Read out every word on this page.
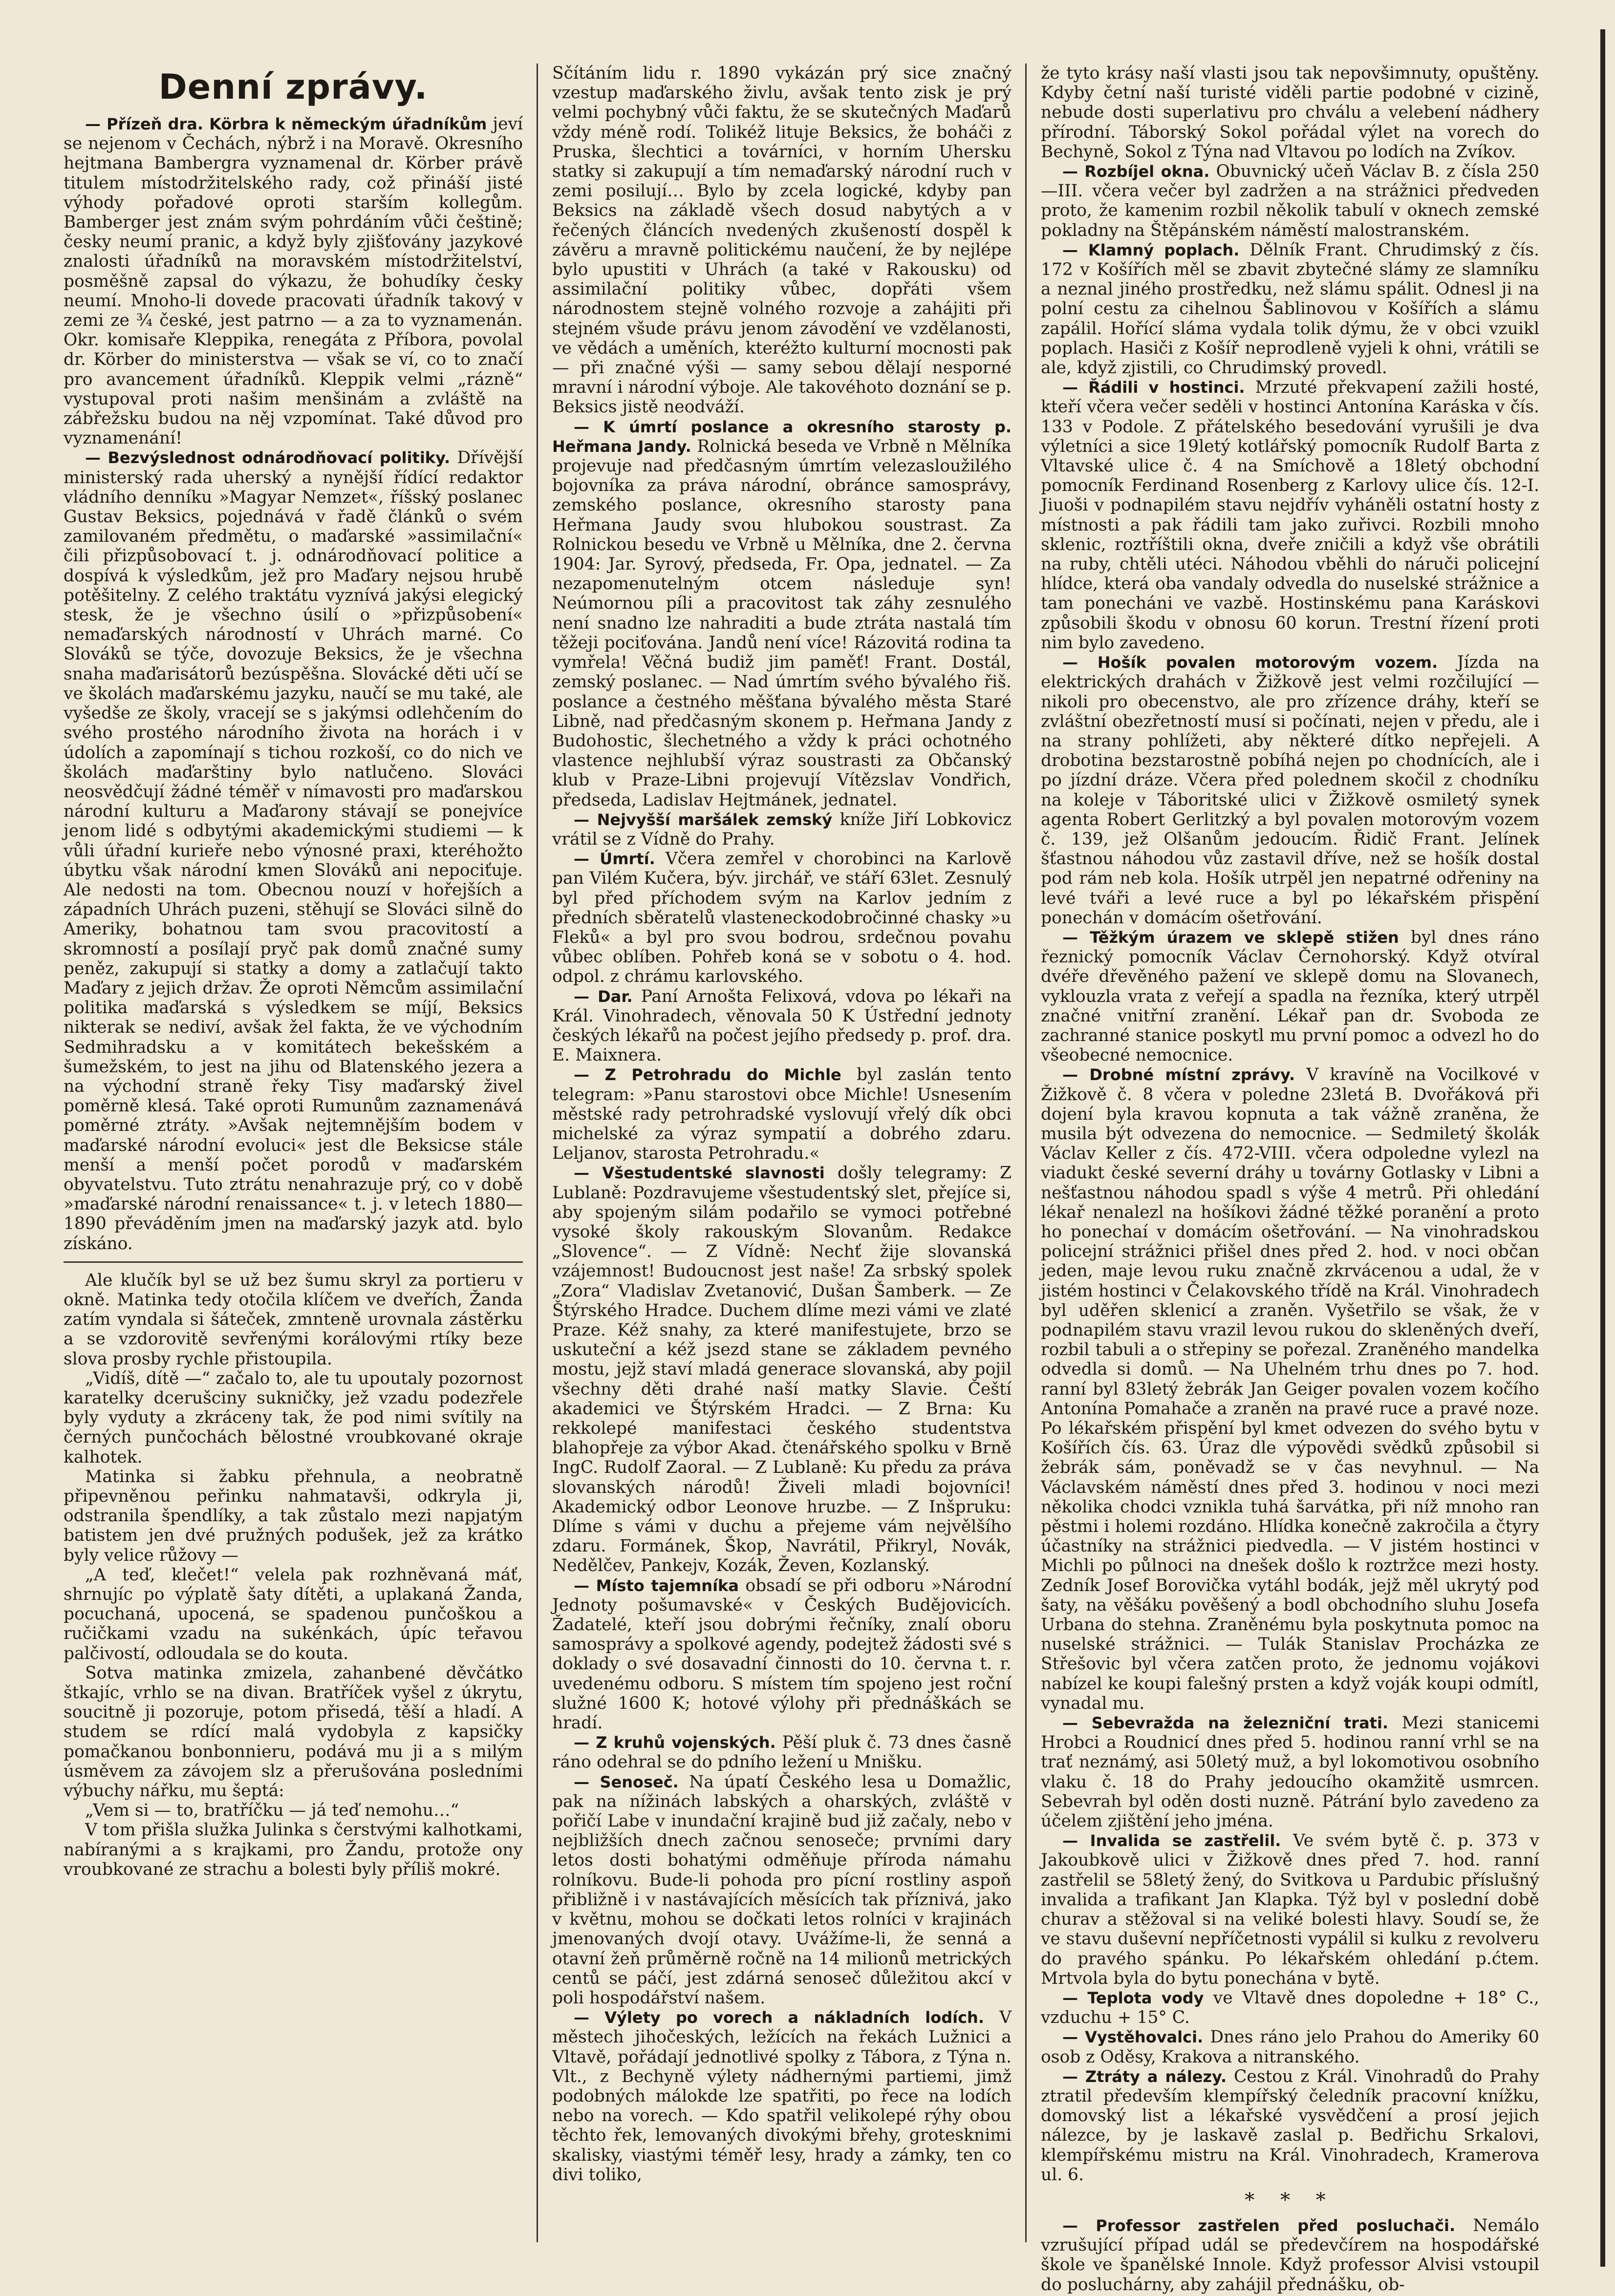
Denní zprávy.

— Přízeň dra. Körbra k německým úřadníkům jeví se nejenom v Čechách, nýbrž i na Moravě. Okresního hejtmana Bambergra vyznamenal dr. Körber právě titulem místodržitelského rady, což přináší jisté výhody pořadové oproti starším kollegům. Bamberger jest znám svým pohrdáním vůči češtině; česky neumí pranic, a když byly zjišťovány jazykové znalosti úřadníků na moravském místodržitelství, posměšně zapsal do výkazu, že bohudíky česky neumí. Mnoho-li dovede pracovati úřadník takový v zemi ze ¾ české, jest patrno — a za to vyznamenán. Okr. komisaře Kleppika, renegáta z Příbora, povolal dr. Körber do ministerstva — však se ví, co to značí pro avancement úřadníků. Kleppik velmi „rázně“ vystupoval proti našim menšinám a zvláště na zábřežsku budou na něj vzpomínat. Také důvod pro vyznamenání!

— Bezvýslednost odnárodňovací politiky. Dřívější ministerský rada uherský a nynější řídící redaktor vládního denníku »Magyar Nemzet«, říšský poslanec Gustav Beksics, pojednává v řadě článků o svém zamilovaném předmětu, o maďarské »assimilační« čili přizpůsobovací t. j. odnárodňovací politice a dospívá k výsledkům, jež pro Maďary nejsou hrubě potěšitelny. Z celého traktátu vyznívá jakýsi elegický stesk, že je všechno úsilí o »přizpůsobení« nemaďarských národností v Uhrách marné. Co Slováků se týče, dovozuje Beksics, že je všechna snaha maďarisátorů bezúspěšna. Slovácké děti učí se ve školách maďarskému jazyku, naučí se mu také, ale vyšedše ze školy, vracejí se s jakýmsi odlehčením do svého prostého národního života na horách i v údolích a zapomínají s tichou rozkoší, co do nich ve školách maďarštiny bylo natlučeno. Slováci neosvědčují žádné téměř v nímavosti pro maďarskou národní kulturu a Maďarony stávají se ponejvíce jenom lidé s odbytými akademickými studiemi — k vůli úřadní kurieře nebo výnosné praxi, kteréhožto úbytku však národní kmen Slováků ani nepociťuje. Ale nedosti na tom. Obecnou nouzí v hořejších a západních Uhrách puzeni, stěhují se Slováci silně do Ameriky, bohatnou tam svou pracovitostí a skromností a posílají pryč pak domů značné sumy peněz, zakupují si statky a domy a zatlačují takto Maďary z jejich držav. Že oproti Němcům assimilační politika maďarská s výsledkem se míjí, Beksics nikterak se nediví, avšak žel fakta, že ve východním Sedmihradsku a v komitátech bekešském a šumežském, to jest na jihu od Blatenského jezera a na východní straně řeky Tisy maďarský živel poměrně klesá. Také oproti Rumunům zaznamenává poměrné ztráty. »Avšak nejtemnějším bodem v maďarské národní evoluci« jest dle Beksicse stále menší a menší počet porodů v maďarském obyvatelstvu. Tuto ztrátu nenahrazuje prý, co v době »maďarské národní renaissance« t. j. v letech 1880—1890 převáděním jmen na maďarský jazyk atd. bylo získáno.

Ale klučík byl se už bez šumu skryl za portieru v okně. Matinka tedy otočila klíčem ve dveřích, Žanda zatím vyndala si šáteček, zmnteně urovnala zástěrku a se vzdorovitě sevřenými korálovými rtíky beze slova prosby rychle přistoupila.

„Vidíš, dítě —“ začalo to, ale tu upoutaly pozornost karatelky dcerušciny sukničky, jež vzadu podezřele byly vyduty a zkráceny tak, že pod nimi svítily na černých punčochách bělostné vroubkované okraje kalhotek.

Matinka si žabku přehnula, a neobratně připevněnou peřinku nahmatavši, odkryla ji, odstranila špendlíky, a tak zůstalo mezi napjatým batistem jen dvé pružných podušek, jež za krátko byly velice růžovy —

„A teď, klečet!“ velela pak rozhněvaná máť, shrnujíc po výplatě šaty dítěti, a uplakaná Žanda, pocuchaná, upocená, se spadenou punčoškou a ručičkami vzadu na sukénkách, úpíc teřavou palčivostí, odloudala se do kouta.

Sotva matinka zmizela, zahanbené děvčátko štkajíc, vrhlo se na divan. Bratříček vyšel z úkrytu, soucitně ji pozoruje, potom přisedá, těší a hladí. A studem se rdící malá vydobyla z kapsičky pomačkanou bonbonnieru, podává mu ji a s milým úsměvem za závojem slz a přerušována posledními výbuchy nářku, mu šeptá:

„Vem si — to, bratříčku — já teď nemohu…“

V tom přišla služka Julinka s čerstvými kalhotkami, nabíranými a s krajkami, pro Žandu, protože ony vroubkované ze strachu a bolesti byly příliš mokré.

Sčítáním lidu r. 1890 vykázán prý sice značný vzestup maďarského živlu, avšak tento zisk je prý velmi pochybný vůči faktu, že se skutečných Maďarů vždy méně rodí. Tolikéž lituje Beksics, že boháči z Pruska, šlechtici a továrníci, v horním Uhersku statky si zakupují a tím nemaďarský národní ruch v zemi posilují… Bylo by zcela logické, kdyby pan Beksics na základě všech dosud nabytých a v řečených článcích nvedených zkušeností dospěl k závěru a mravně politickému naučení, že by nejlépe bylo upustiti v Uhrách (a také v Rakousku) od assimilační politiky vůbec, dopřáti všem národnostem stejně volného rozvoje a zahájiti při stejném všude právu jenom závodění ve vzdělanosti, ve vědách a uměních, kteréžto kulturní mocnosti pak — při značné výši — samy sebou dělají nesporné mravní i národní výboje. Ale takovéhoto doznání se p. Beksics jistě neodváží.

— K úmrtí poslance a okresního starosty p. Heřmana Jandy. Rolnická beseda ve Vrbně n Mělníka projevuje nad předčasným úmrtím velezasloužilého bojovníka za práva národní, obránce samosprávy, zemského poslance, okresního starosty pana Heřmana Jaudy svou hlubokou soustrast. Za Rolnickou besedu ve Vrbně u Mělníka, dne 2. června 1904: Jar. Syrový, předseda, Fr. Opa, jednatel. — Za nezapomenutelným otcem následuje syn! Neúmornou píli a pracovitost tak záhy zesnulého není snadno lze nahraditi a bude ztráta nastalá tím těžeji pociťována. Jandů není více! Rázovitá rodina ta vymřela! Věčná budiž jim paměť! Frant. Dostál, zemský poslanec. — Nad úmrtím svého bývalého řiš. poslance a čestného měšťana bývalého města Staré Libně, nad předčasným skonem p. Heřmana Jandy z Budohostic, šlechetného a vždy k práci ochotného vlastence nejhlubší výraz soustrasti za Občanský klub v Praze-Libni projevují Vítězslav Vondřich, předseda, Ladislav Hejtmánek, jednatel.

— Nejvyšší maršálek zemský kníže Jiří Lobkovicz vrátil se z Vídně do Prahy.

— Úmrtí. Včera zemřel v chorobinci na Karlově pan Vilém Kučera, býv. jirchář, ve stáří 63let. Zesnulý byl před příchodem svým na Karlov jedním z předních sběratelů vlasteneckodobročinné chasky »u Fleků« a byl pro svou bodrou, srdečnou povahu vůbec oblíben. Pohřeb koná se v sobotu o 4. hod. odpol. z chrámu karlovského.

— Dar. Paní Arnošta Felixová, vdova po lékaři na Král. Vinohradech, věnovala 50 K Ústřední jednoty českých lékařů na počest jejího předsedy p. prof. dra. E. Maixnera.

— Z Petrohradu do Michle byl zaslán tento telegram: »Panu starostovi obce Michle! Usnesením městské rady petrohradské vyslovují vřelý dík obci michelské za výraz sympatií a dobrého zdaru. Leljanov, starosta Petrohradu.«

— Všestudentské slavnosti došly telegramy: Z Lublaně: Pozdravujeme všestudentský slet, přejíce si, aby spojeným silám podařilo se vymoci potřebné vysoké školy rakouským Slovanům. Redakce „Slovence“. — Z Vídně: Nechť žije slovanská vzájemnost! Budoucnost jest naše! Za srbský spolek „Zora“ Vladislav Zvetanović, Dušan Šamberk. — Ze Štýrského Hradce. Duchem dlíme mezi vámi ve zlaté Praze. Kéž snahy, za které manifestujete, brzo se uskuteční a kéž jsezd stane se základem pevného mostu, jejž staví mladá generace slovanská, aby pojil všechny děti drahé naší matky Slavie. Čeští akademici ve Štýrském Hradci. — Z Brna: Ku rekkolepé manifestaci českého studentstva blahopřeje za výbor Akad. čtenářského spolku v Brně IngC. Rudolf Zaoral. — Z Lublaně: Ku předu za práva slovanských národů! Živeli mladi bojovníci! Akademický odbor Leonove hruzbe. — Z Inšpruku: Dlíme s vámi v duchu a přejeme vám nejvělšího zdaru. Formánek, Škop, Navrátil, Přikryl, Novák, Nedělčev, Pankejv, Kozák, Ževen, Kozlanský.

— Místo tajemníka obsadí se při odboru »Národní Jednoty pošumavské« v Českých Budějovicích. Žadatelé, kteří jsou dobrými řečníky, znalí oboru samosprávy a spolkové agendy, podejtež žádosti své s doklady o své dosavadní činnosti do 10. června t. r. uvedenému odboru. S místem tím spojeno jest roční služné 1600 K; hotové výlohy při přednáškách se hradí.

— Z kruhů vojenských. Pěší pluk č. 73 dnes časně ráno odehral se do pdního ležení u Mnišku.

— Senoseč. Na úpatí Českého lesa u Domažlic, pak na nížinách labských a oharských, zvláště v pořičí Labe v inundační krajině bud již začaly, nebo v nejbližších dnech začnou senoseče; prvními dary letos dosti bohatými odměňuje příroda námahu rolníkovu. Bude-li pohoda pro pícní rostliny aspoň přibližně i v nastávajících měsících tak příznivá, jako v květnu, mohou se dočkati letos rolníci v krajinách jmenovaných dvojí otavy. Uvážíme-li, že senná a otavní žeň průměrně ročně na 14 milionů metrických centů se páčí, jest zdárná senoseč důležitou akcí v poli hospodářství našem.

— Výlety po vorech a nákladních lodích. V městech jihočeských, ležících na řekách Lužnici a Vltavě, pořádají jednotlivé spolky z Tábora, z Týna n. Vlt., z Bechyně výlety nádhernými partiemi, jimž podobných málokde lze spatřiti, po řece na lodích nebo na vorech. — Kdo spatřil velikolepé rýhy obou těchto řek, lemovaných divokými břehy, grotesknimi skalisky, viastými téměř lesy, hrady a zámky, ten co divi toliko,

že tyto krásy naší vlasti jsou tak nepovšimnuty, opuštěny. Kdyby četní naší turisté viděli partie podobné v cizině, nebude dosti superlativu pro chválu a velebení nádhery přírodní. Táborský Sokol pořádal výlet na vorech do Bechyně, Sokol z Týna nad Vltavou po lodích na Zvíkov.

— Rozbíjel okna. Obuvnický učeň Václav B. z čísla 250—III. včera večer byl zadržen a na strážnici předveden proto, že kamenim rozbil několik tabulí v oknech zemské pokladny na Štěpánském náměstí malostranském.

— Klamný poplach. Dělník Frant. Chrudimský z čís. 172 v Košířích měl se zbavit zbytečné slámy ze slamníku a neznal jiného prostředku, než slámu spálit. Odnesl ji na polní cestu za cihelnou Šablinovou v Košířích a slámu zapálil. Hořící sláma vydala tolik dýmu, že v obci vzuikl poplach. Hasiči z Košíř neprodleně vyjeli k ohni, vrátili se ale, když zjistili, co Chrudimský provedl.

— Řádili v hostinci. Mrzuté překvapení zažili hosté, kteří včera večer seděli v hostinci Antonína Karáska v čís. 133 v Podole. Z přátelského besedování vyrušili je dva výletníci a sice 19letý kotlářský pomocník Rudolf Barta z Vltavské ulice č. 4 na Smíchově a 18letý obchodní pomocník Ferdinand Rosenberg z Karlovy ulice čís. 12-I. Jiuoši v podnapilém stavu nejdřív vyháněli ostatní hosty z místnosti a pak řádili tam jako zuřivci. Rozbili mnoho sklenic, roztříštili okna, dveře zničili a když vše obrátili na ruby, chtěli utéci. Náhodou vběhli do náruči policejní hlídce, která oba vandaly odvedla do nuselské strážnice a tam ponecháni ve vazbě. Hostinskému pana Karáskovi způsobili škodu v obnosu 60 korun. Trestní řízení proti nim bylo zavedeno.

— Hošík povalen motorovým vozem. Jízda na elektrických drahách v Žižkově jest velmi rozčilující — nikoli pro obecenstvo, ale pro zřízence dráhy, kteří se zvláštní obezřetností musí si počínati, nejen v předu, ale i na strany pohlížeti, aby některé dítko nepřejeli. A drobotina bezstarostně pobíhá nejen po chodnících, ale i po jízdní dráze. Včera před polednem skočil z chodníku na koleje v Táboritské ulici v Žižkově osmiletý synek agenta Robert Gerlitzký a byl povalen motorovým vozem č. 139, jež Olšanům jedoucím. Řidič Frant. Jelínek šťastnou náhodou vůz zastavil dříve, než se hošík dostal pod rám neb kola. Hošík utrpěl jen nepatrné odřeniny na levé tváři a levé ruce a byl po lékařském přispění ponechán v domácím ošetřování.

— Těžkým úrazem ve sklepě stižen byl dnes ráno řeznický pomocník Václav Černohorský. Když otvíral dvéře dřevěného pažení ve sklepě domu na Slovanech, vyklouzla vrata z veřejí a spadla na řezníka, který utrpěl značné vnitřní zranění. Lékař pan dr. Svoboda ze zachranné stanice poskytl mu první pomoc a odvezl ho do všeobecné nemocnice.

— Drobné místní zprávy. V kravíně na Vocilkové v Žižkově č. 8 včera v poledne 23letá B. Dvořáková při dojení byla kravou kopnuta a tak vážně zraněna, že musila být odvezena do nemocnice. — Sedmiletý školák Václav Keller z čís. 472-VIII. včera odpoledne vylezl na viadukt české severní dráhy u továrny Gotlasky v Libni a nešťastnou náhodou spadl s výše 4 metrů. Při ohledání lékař nenalezl na hošíkovi žádné těžké poranění a proto ho ponechaí v domácím ošetřování. — Na vinohradskou policejní strážnici přišel dnes před 2. hod. v noci občan jeden, maje levou ruku značně zkrvácenou a udal, že v jistém hostinci v Čelakovského třídě na Král. Vinohradech byl uděřen sklenicí a zraněn. Vyšetřilo se však, že v podnapilém stavu vrazil levou rukou do skleněných dveří, rozbil tabuli a o střepiny se pořezal. Zraněného mandelka odvedla si domů. — Na Uhelném trhu dnes po 7. hod. ranní byl 83letý žebrák Jan Geiger povalen vozem kočího Antonína Pomahače a zraněn na pravé ruce a pravé noze. Po lékařském přispění byl kmet odvezen do svého bytu v Košířích čís. 63. Úraz dle výpovědi svědků způsobil si žebrák sám, poněvadž se v čas nevyhnul. — Na Václavském náměstí dnes před 3. hodinou v noci mezi několika chodci vznikla tuhá šarvátka, při níž mnoho ran pěstmi i holemi rozdáno. Hlídka konečně zakročila a čtyry účastníky na strážnici piedvedla. — V jistém hostinci v Michli po půlnoci na dnešek došlo k roztržce mezi hosty. Zedník Josef Borovička vytáhl bodák, jejž měl ukrytý pod šaty, na věšáku pověšený a bodl obchodního sluhu Josefa Urbana do stehna. Zraněnému byla poskytnuta pomoc na nuselské strážnici. — Tulák Stanislav Procházka ze Střešovic byl včera zatčen proto, že jednomu vojákovi nabízel ke koupi falešný prsten a když voják koupi odmítl, vynadal mu.

— Sebevražda na železniční trati. Mezi stanicemi Hrobci a Roudnicí dnes před 5. hodinou ranní vrhl se na trať neznámý, asi 50letý muž, a byl lokomotivou osobního vlaku č. 18 do Prahy jedoucího okamžitě usmrcen. Sebevrah byl oděn dosti nuzně. Pátrání bylo zavedeno za účelem zjištění jeho jména.

— Invalida se zastřelil. Ve svém bytě č. p. 373 v Jakoubkově ulici v Žižkově dnes před 7. hod. ranní zastřelil se 58letý žený, do Svitkova u Pardubic příslušný invalida a trafikant Jan Klapka. Týž byl v poslední době churav a stěžoval si na veliké bolesti hlavy. Soudí se, že ve stavu duševní nepříčetnosti vypálil si kulku z revolveru do pravého spánku. Po lékařském ohledání p.ćtem. Mrtvola byla do bytu ponechána v bytě.

— Teplota vody ve Vltavě dnes dopoledne + 18° C., vzduchu + 15° C.

— Vystěhovalci. Dnes ráno jelo Prahou do Ameriky 60 osob z Oděsy, Krakova a nitranského.

— Ztráty a nálezy. Cestou z Král. Vinohradů do Prahy ztratil především klempířský čeledník pracovní knížku, domovský list a lékařské vysvědčení a prosí jejich nálezce, by je laskavě zaslal p. Bedřichu Srkalovi, klempířskému mistru na Král. Vinohradech, Kramerova ul. 6.

* * *

— Professor zastřelen před posluchači. Nemálo vzrušující případ udál se předevčírem na hospodářské škole ve španělské Innole. Když professor Alvisi vstoupil do posluchárny, aby zahájil přednášku, ob-
